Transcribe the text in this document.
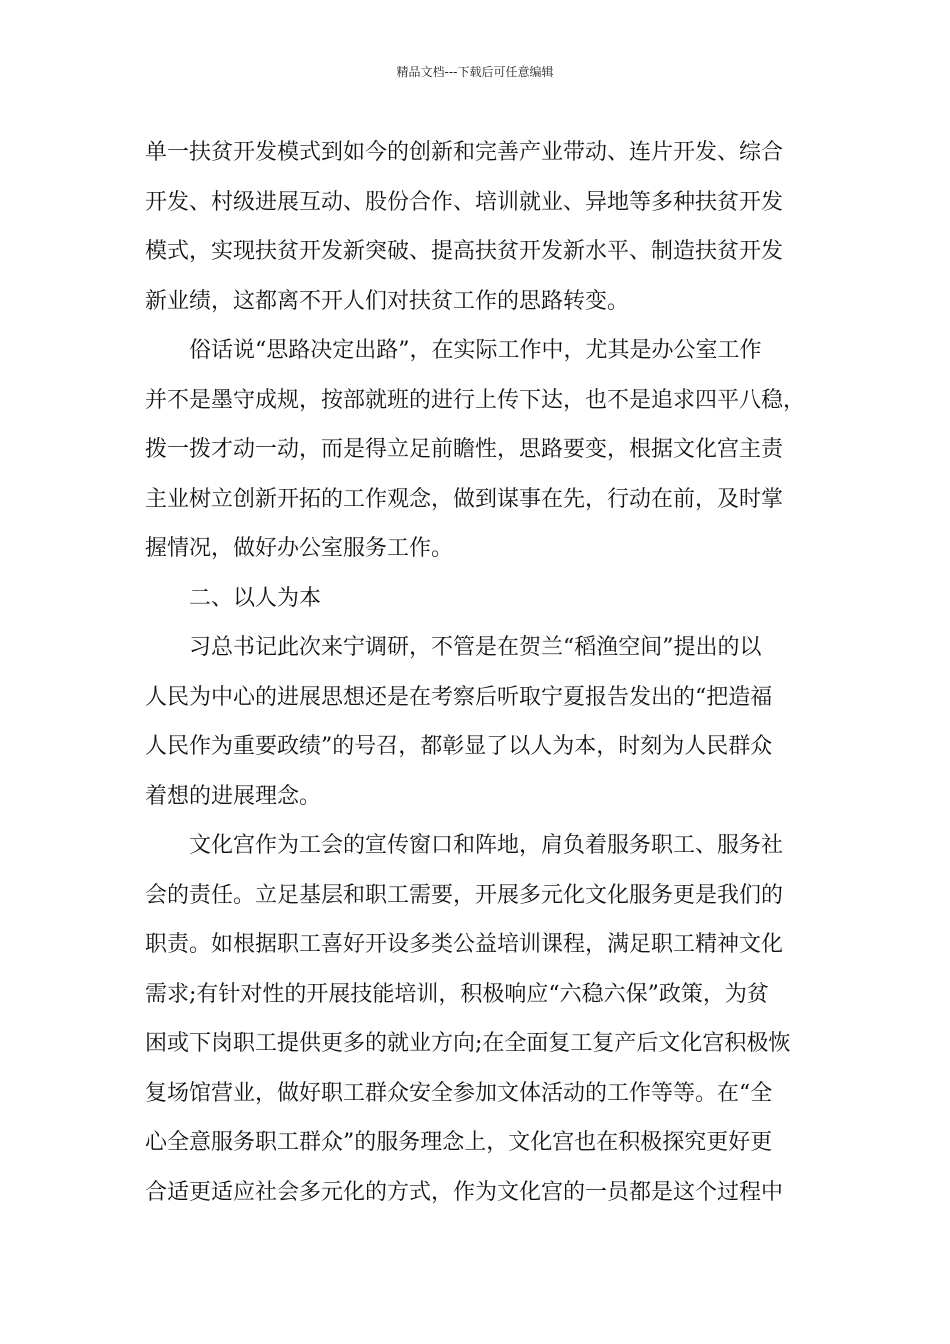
精品文档---下载后可任意编辑
单一扶贫开发模式到如今的创新和完善产业带动、连片开发、综合
开发、村级进展互动、股份合作、培训就业、异地等多种扶贫开发
模式，实现扶贫开发新突破、提高扶贫开发新水平、制造扶贫开发
新业绩，这都离不开人们对扶贫工作的思路转变。
俗话说“思路决定出路”，在实际工作中，尤其是办公室工作
并不是墨守成规，按部就班的进行上传下达，也不是追求四平八稳，
拨一拨才动一动，而是得立足前瞻性，思路要变，根据文化宫主责
主业树立创新开拓的工作观念，做到谋事在先，行动在前，及时掌
握情况，做好办公室服务工作。
二、以人为本
习总书记此次来宁调研，不管是在贺兰“稻渔空间”提出的以
人民为中心的进展思想还是在考察后听取宁夏报告发出的“把造福
人民作为重要政绩”的号召，都彰显了以人为本，时刻为人民群众
着想的进展理念。
文化宫作为工会的宣传窗口和阵地，肩负着服务职工、服务社
会的责任。立足基层和职工需要，开展多元化文化服务更是我们的
职责。如根据职工喜好开设多类公益培训课程，满足职工精神文化
需求;有针对性的开展技能培训，积极响应“六稳六保”政策，为贫
困或下岗职工提供更多的就业方向;在全面复工复产后文化宫积极恢
复场馆营业，做好职工群众安全参加文体活动的工作等等。在“全
心全意服务职工群众”的服务理念上，文化宫也在积极探究更好更
合适更适应社会多元化的方式，作为文化宫的一员都是这个过程中
